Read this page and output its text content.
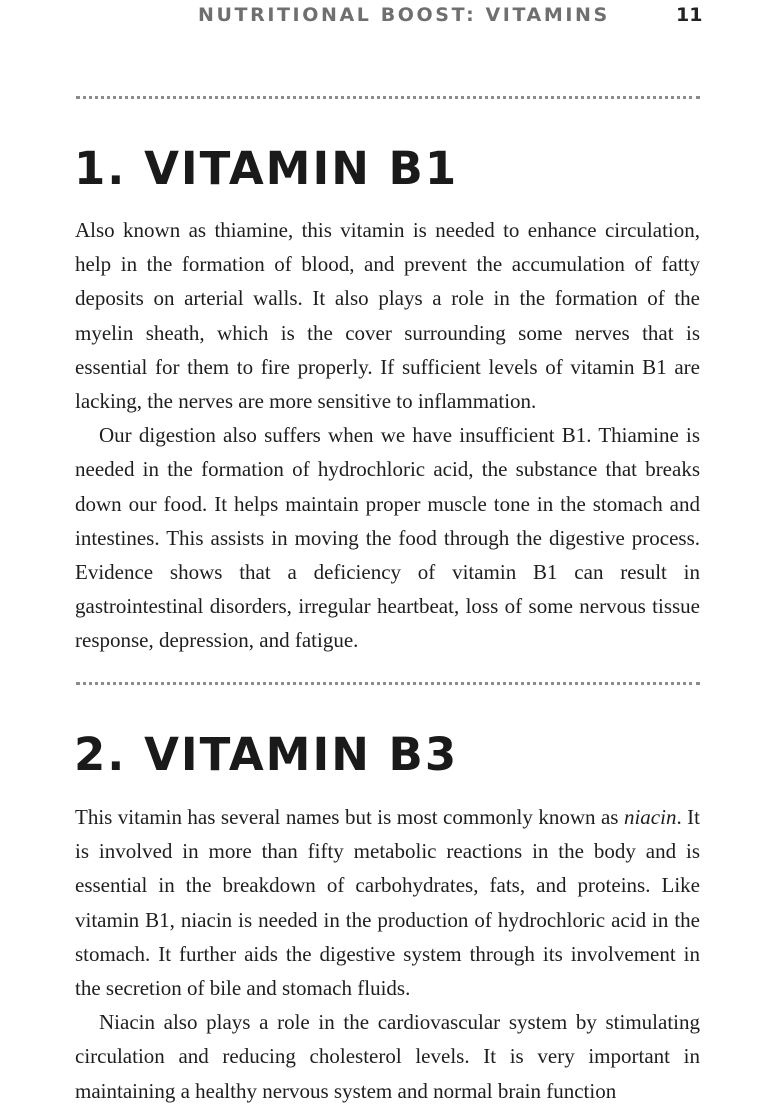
NUTRITIONAL BOOST: VITAMINS	11
1. VITAMIN B1

Also known as thiamine, this vitamin is needed to enhance circulation, help in the formation of blood, and prevent the accumulation of fatty deposits on arterial walls. It also plays a role in the formation of the myelin sheath, which is the cover surrounding some nerves that is essential for them to fire properly. If sufficient levels of vitamin B1 are lacking, the nerves are more sensitive to inflammation.

Our digestion also suffers when we have insufficient B1. Thiamine is needed in the formation of hydrochloric acid, the substance that breaks down our food. It helps maintain proper muscle tone in the stomach and intestines. This assists in moving the food through the digestive process. Evidence shows that a deficiency of vitamin B1 can result in gastrointestinal disorders, irregular heartbeat, loss of some nervous tissue response, depression, and fatigue.

2. VITAMIN B3

This vitamin has several names but is most commonly known as niacin. It is involved in more than fifty metabolic reactions in the body and is essential in the breakdown of carbohydrates, fats, and proteins. Like vitamin B1, niacin is needed in the production of hydrochloric acid in the stomach. It further aids the digestive system through its involvement in the secretion of bile and stomach fluids.

Niacin also plays a role in the cardiovascular system by stimulating circulation and reducing cholesterol levels. It is very important in maintaining a healthy nervous system and normal brain function
